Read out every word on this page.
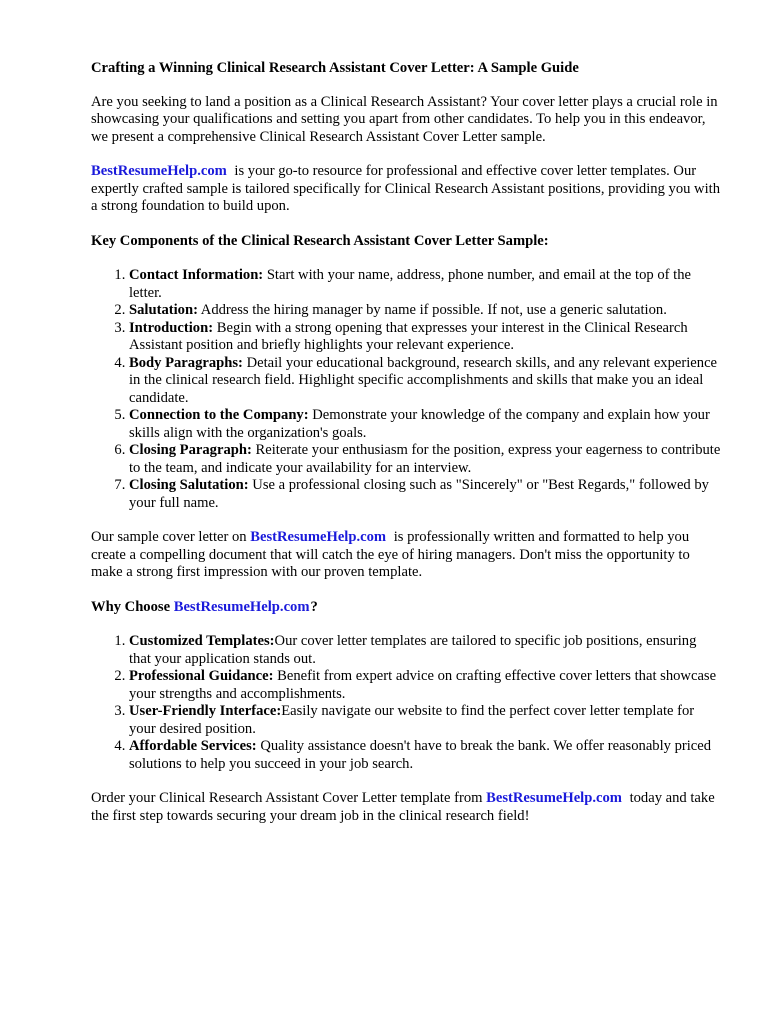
Crafting a Winning Clinical Research Assistant Cover Letter: A Sample Guide

Are you seeking to land a position as a Clinical Research Assistant? Your cover letter plays a crucial role in showcasing your qualifications and setting you apart from other candidates. To help you in this endeavor, we present a comprehensive Clinical Research Assistant Cover Letter sample.

BestResumeHelp.com is your go-to resource for professional and effective cover letter templates. Our expertly crafted sample is tailored specifically for Clinical Research Assistant positions, providing you with a strong foundation to build upon.

Key Components of the Clinical Research Assistant Cover Letter Sample:
1. Contact Information: Start with your name, address, phone number, and email at the top of the letter.
2. Salutation: Address the hiring manager by name if possible. If not, use a generic salutation.
3. Introduction: Begin with a strong opening that expresses your interest in the Clinical Research Assistant position and briefly highlights your relevant experience.
4. Body Paragraphs: Detail your educational background, research skills, and any relevant experience in the clinical research field. Highlight specific accomplishments and skills that make you an ideal candidate.
5. Connection to the Company: Demonstrate your knowledge of the company and explain how your skills align with the organization's goals.
6. Closing Paragraph: Reiterate your enthusiasm for the position, express your eagerness to contribute to the team, and indicate your availability for an interview.
7. Closing Salutation: Use a professional closing such as "Sincerely" or "Best Regards," followed by your full name.

Our sample cover letter on BestResumeHelp.com is professionally written and formatted to help you create a compelling document that will catch the eye of hiring managers. Don't miss the opportunity to make a strong first impression with our proven template.

Why Choose BestResumeHelp.com?
1. Customized Templates:Our cover letter templates are tailored to specific job positions, ensuring that your application stands out.
2. Professional Guidance: Benefit from expert advice on crafting effective cover letters that showcase your strengths and accomplishments.
3. User-Friendly Interface:Easily navigate our website to find the perfect cover letter template for your desired position.
4. Affordable Services: Quality assistance doesn't have to break the bank. We offer reasonably priced solutions to help you succeed in your job search.

Order your Clinical Research Assistant Cover Letter template from BestResumeHelp.com today and take the first step towards securing your dream job in the clinical research field!
